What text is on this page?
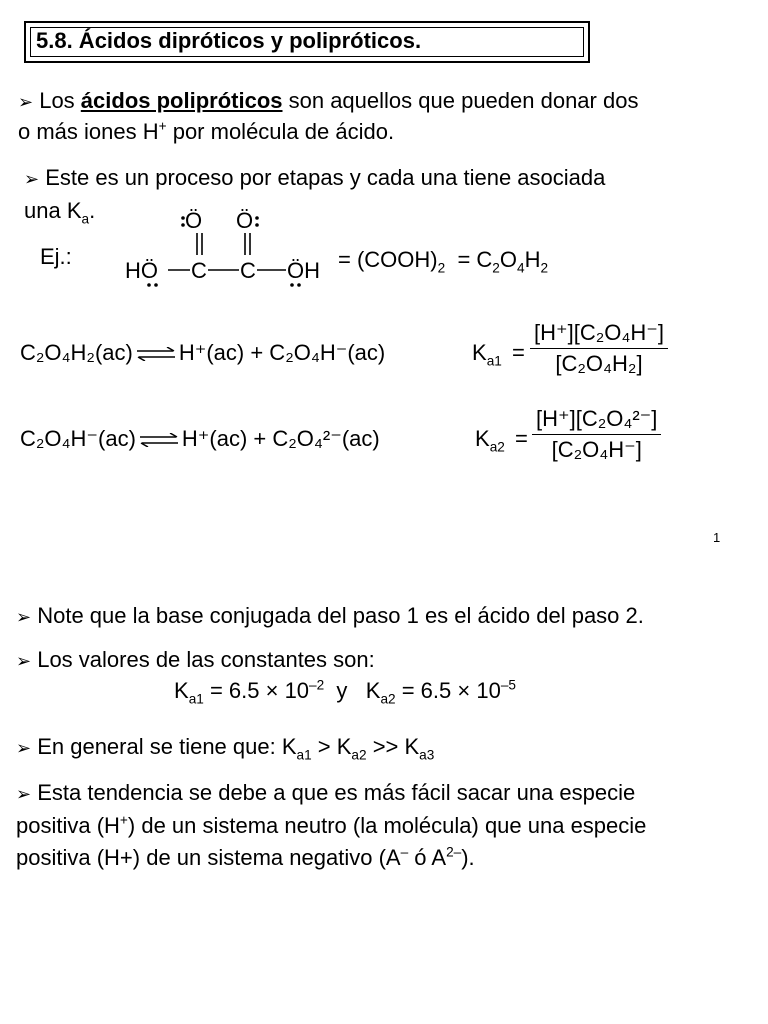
5.8. Ácidos dipróticos y polipróticos.
➢ Los ácidos polipróticos son aquellos que pueden donar dos
o más iones H+ por molécula de ácido.
➢ Este es un proceso por etapas y cada una tiene asociada
una $K_a$.
Ej.:
Ö Ö
HÖ C C ÖH = $(COOH)_2 = C_2O_4H_2$
C₂O₄H₂(ac) ⇌ H⁺(ac) + C₂O₄H⁻(ac)	$K_{a1}$ =
[H⁺][C₂O₄H⁻]
[C₂O₄H₂]
C₂O₄H⁻(ac) ⇌ H⁺(ac) + C₂O₄²⁻(ac)	$K_{a2}$ =
[H⁺][C₂O₄²⁻]
[C₂O₄H⁻]
1
➢ Note que la base conjugada del paso 1 es el ácido del paso 2.
➢ Los valores de las constantes son:
$K_{a1} = 6.5 \times 10^{-2}$  y   $K_{a2} = 6.5 \times 10^{-5}$
➢ En general se tiene que: $K_{a1} > K_{a2} >> K_{a3}$
➢ Esta tendencia se debe a que es más fácil sacar una especie
positiva (H+) de un sistema neutro (la molécula) que una especie
positiva (H+) de un sistema negativo (A– ó $A^{2-}$).
